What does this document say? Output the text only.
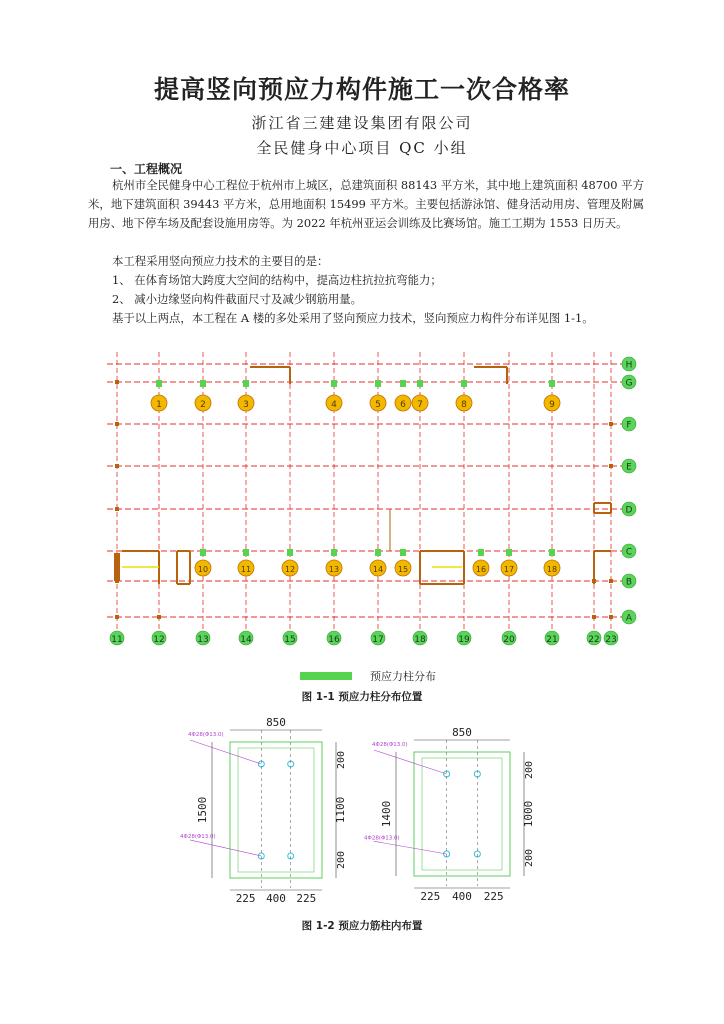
提高竖向预应力构件施工一次合格率
浙江省三建建设集团有限公司
全民健身中心项目 QC 小组
一、工程概况

杭州市全民健身中心工程位于杭州市上城区，总建筑面积 88143 平方米，其中地上建筑面积 48700 平方米，地下建筑面积 39443 平方米，总用地面积 15499 平方米。主要包括游泳馆、健身活动用房、管理及附属用房、地下停车场及配套设施用房等。为 2022 年杭州亚运会训练及比赛场馆。施工工期为 1553 日历天。

本工程采用竖向预应力技术的主要目的是：

1、 在体育场馆大跨度大空间的结构中，提高边柱抗拉抗弯能力；

2、 减小边缘竖向构件截面尺寸及减少钢筋用量。

基于以上两点，本工程在 A 楼的多处采用了竖向预应力技术，竖向预应力构件分布详见图 1-1。

1	2	3	4	5 6 7	8	9
10	11	12	13	14 15	16 17	18
11	12	13	14	15	16	17	18	19	20	21	22 23
H
G
F
E
D
C
B
A
850
1500
200
1100
200
225 400 225
4Φ28(Φ13.0)
4Φ28(Φ13.0)
850
1400
200
1000
200
225 400 225
4Φ28(Φ13.0)
4Φ28(Φ13.0)
预应力柱分布
图 1-1 预应力柱分布位置
图 1-2 预应力筋柱内布置
